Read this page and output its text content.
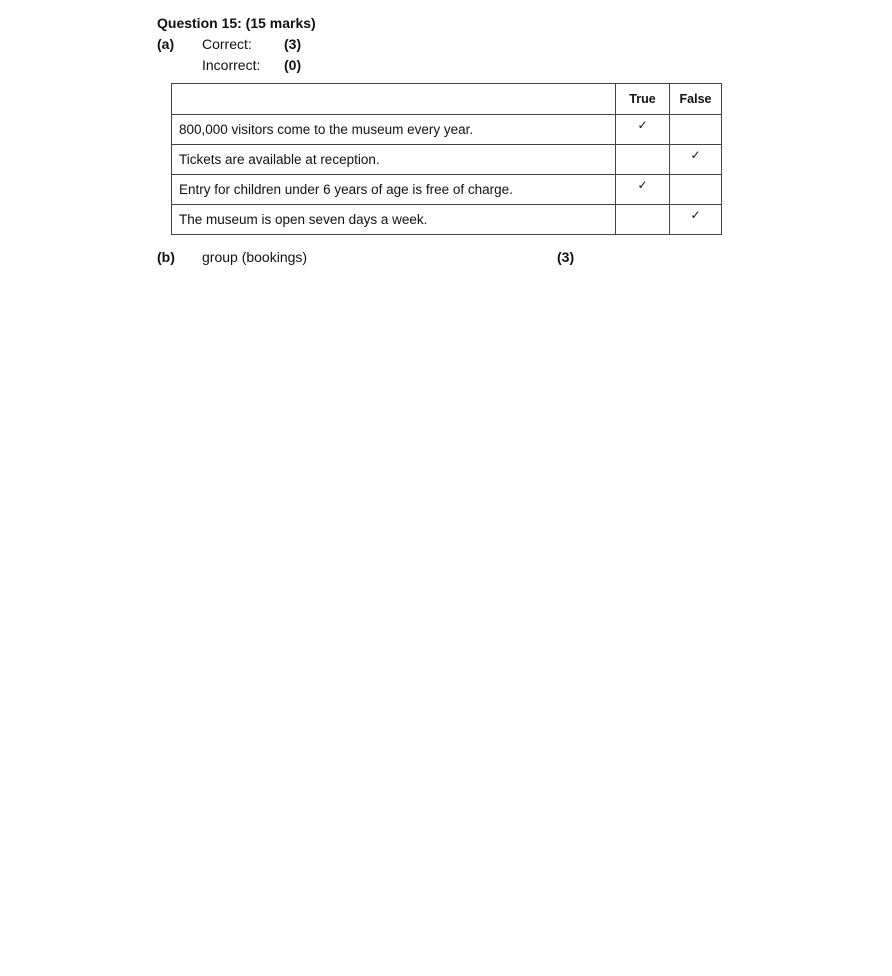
Question 15: (15 marks)
(a) Correct: (3)
Incorrect: (0)
	True	False
800,000 visitors come to the museum every year.	✓	
Tickets are available at reception.		✓
Entry for children under 6 years of age is free of charge.	✓	
The museum is open seven days a week.		✓
(b) group (bookings)	(3)
